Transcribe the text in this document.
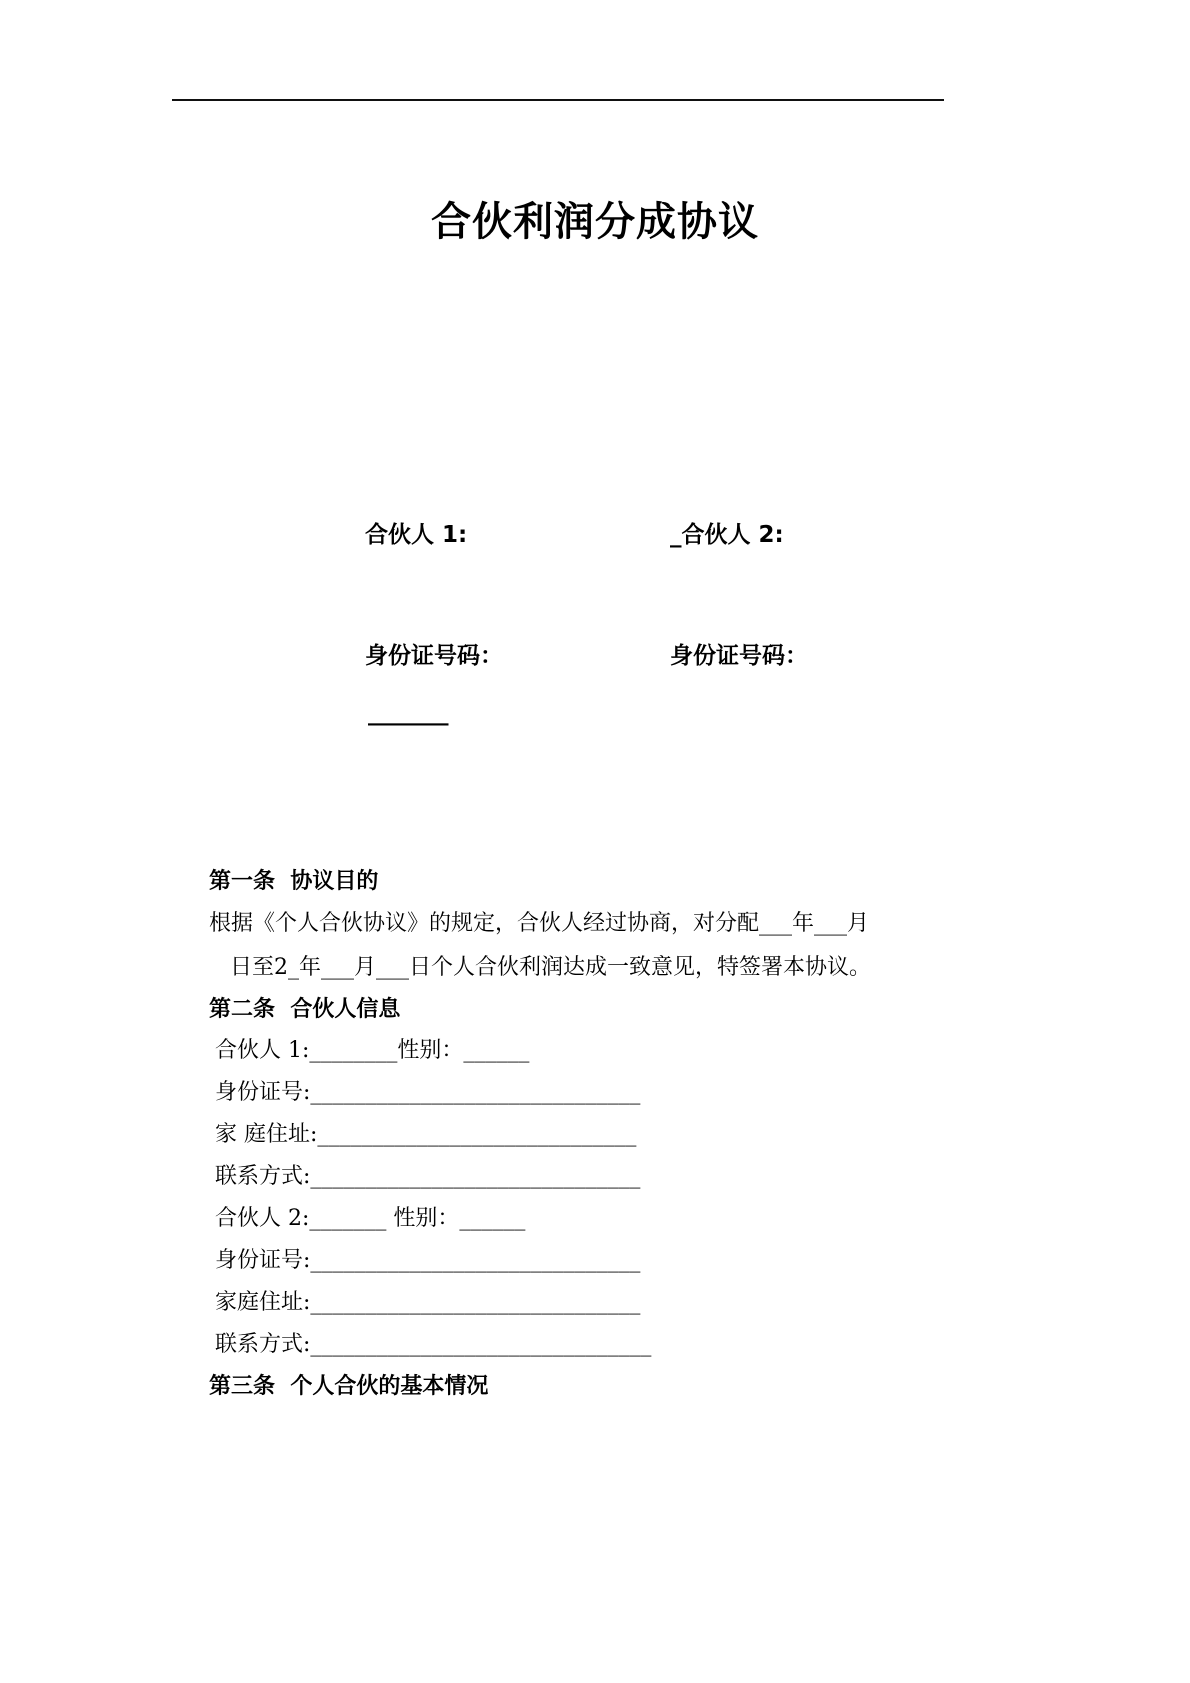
合伙利润分成协议
合伙人 1:	_合伙人 2:
身份证号码：	身份证号码：
_______

第一条  协议目的

根据《个人合伙协议》的规定，合伙人经过协商，对分配___年___月
日至2_年___月___日个人合伙利润达成一致意见，特签署本协议。

第二条  合伙人信息

合伙人 1:________性别：______

身份证号:______________________________

家 庭住址:_____________________________

联系方式:______________________________

合伙人 2:_______ 性别：______

身份证号:______________________________

家庭住址:______________________________

联系方式:_______________________________

第三条  个人合伙的基本情况
